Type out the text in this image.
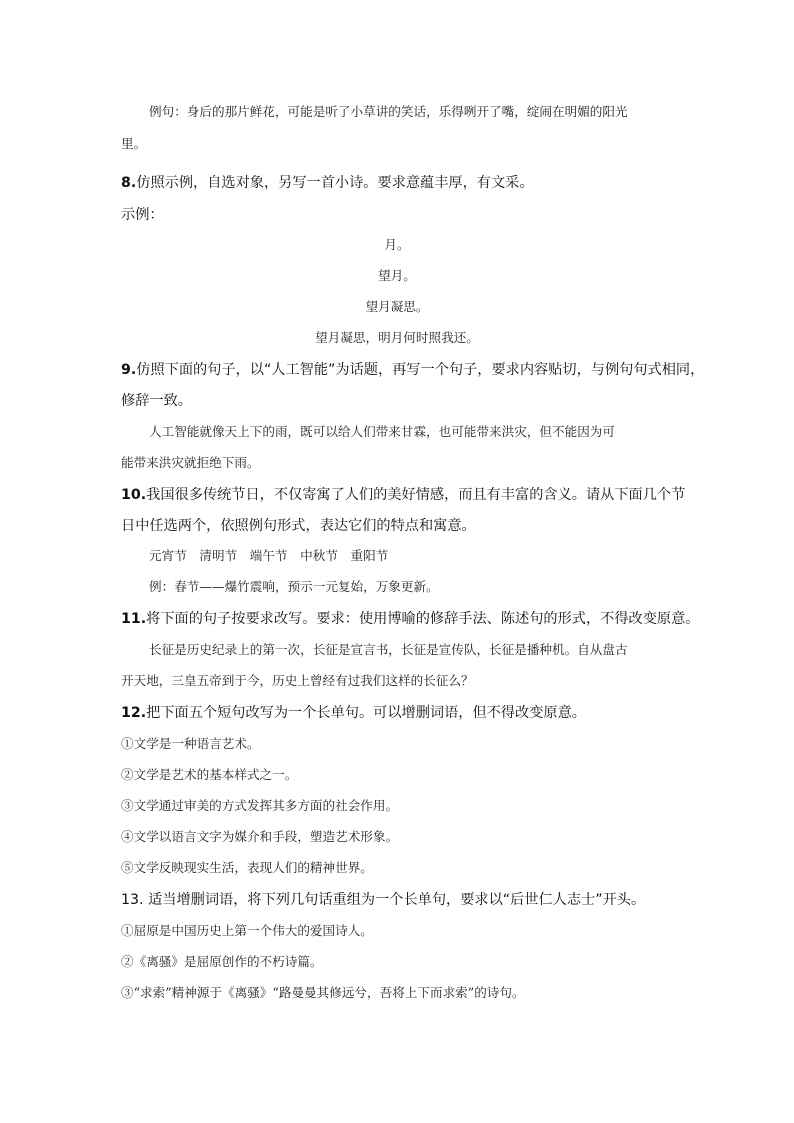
例句：身后的那片鲜花，可能是听了小草讲的笑话，乐得咧开了嘴，绽闹在明媚的阳光
里。
8.仿照示例，自选对象，另写一首小诗。要求意蕴丰厚，有文采。
示例：
月。
望月。
望月凝思。
望月凝思，明月何时照我还。
9.仿照下面的句子，以“人工智能”为话题，再写一个句子，要求内容贴切，与例句句式相同，
修辞一致。
人工智能就像天上下的雨，既可以给人们带来甘霖，也可能带来洪灾，但不能因为可
能带来洪灾就拒绝下雨。
10.我国很多传统节日，不仅寄寓了人们的美好情感，而且有丰富的含义。请从下面几个节
日中任选两个，依照例句形式，表达它们的特点和寓意。
元宵节　清明节　端午节　中秋节　重阳节
例：春节——爆竹震响，预示一元复始，万象更新。
11.将下面的句子按要求改写。要求：使用博喻的修辞手法、陈述句的形式，不得改变原意。
长征是历史纪录上的第一次，长征是宣言书，长征是宣传队，长征是播种机。自从盘古
开天地，三皇五帝到于今，历史上曾经有过我们这样的长征么？
12.把下面五个短句改写为一个长单句。可以增删词语，但不得改变原意。
①文学是一种语言艺术。
②文学是艺术的基本样式之一。
③文学通过审美的方式发挥其多方面的社会作用。
④文学以语言文字为媒介和手段，塑造艺术形象。
⑤文学反映现实生活，表现人们的精神世界。
13. 适当增删词语，将下列几句话重组为一个长单句，要求以“后世仁人志士”开头。
①屈原是中国历史上第一个伟大的爱国诗人。
②《离骚》是屈原创作的不朽诗篇。
③“求索”精神源于《离骚》“路曼曼其修远兮，吾将上下而求索”的诗句。
